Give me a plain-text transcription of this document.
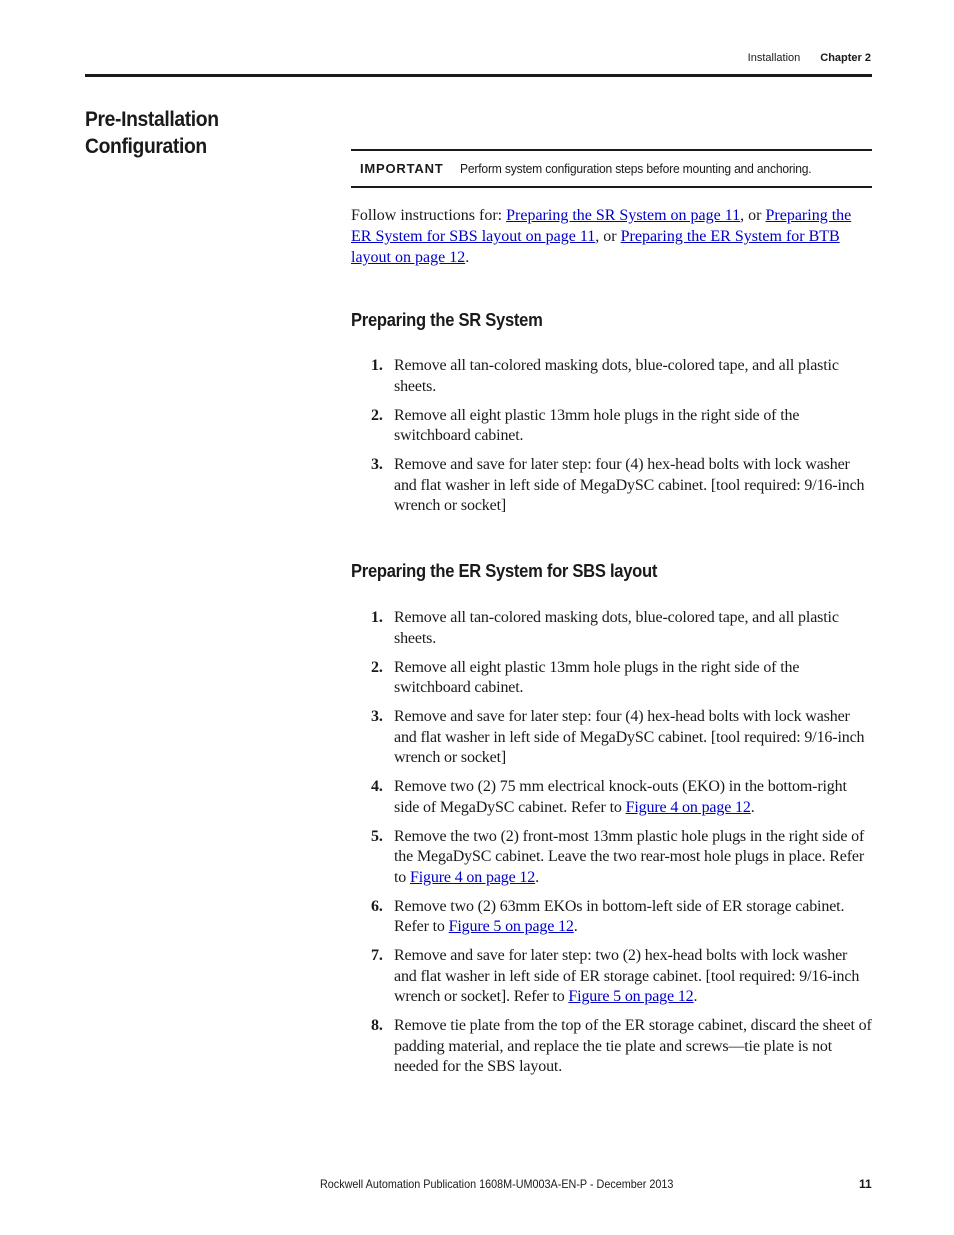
Installation Chapter 2
Pre-Installation Configuration
IMPORTANT	Perform system configuration steps before mounting and anchoring.
Follow instructions for: Preparing the SR System on page 11, or Preparing the ER System for SBS layout on page 11, or Preparing the ER System for BTB layout on page 12.
Preparing the SR System
1. Remove all tan-colored masking dots, blue-colored tape, and all plastic sheets.
2. Remove all eight plastic 13mm hole plugs in the right side of the switchboard cabinet.
3. Remove and save for later step: four (4) hex-head bolts with lock washer and flat washer in left side of MegaDySC cabinet. [tool required: 9/16-inch wrench or socket]
Preparing the ER System for SBS layout
1. Remove all tan-colored masking dots, blue-colored tape, and all plastic sheets.
2. Remove all eight plastic 13mm hole plugs in the right side of the switchboard cabinet.
3. Remove and save for later step: four (4) hex-head bolts with lock washer and flat washer in left side of MegaDySC cabinet. [tool required: 9/16-inch wrench or socket]
4. Remove two (2) 75 mm electrical knock-outs (EKO) in the bottom-right side of MegaDySC cabinet. Refer to Figure 4 on page 12.
5. Remove the two (2) front-most 13mm plastic hole plugs in the right side of the MegaDySC cabinet. Leave the two rear-most hole plugs in place. Refer to Figure 4 on page 12.
6. Remove two (2) 63mm EKOs in bottom-left side of ER storage cabinet. Refer to Figure 5 on page 12.
7. Remove and save for later step: two (2) hex-head bolts with lock washer and flat washer in left side of ER storage cabinet. [tool required: 9/16-inch wrench or socket]. Refer to Figure 5 on page 12.
8. Remove tie plate from the top of the ER storage cabinet, discard the sheet of padding material, and replace the tie plate and screws—tie plate is not needed for the SBS layout.
Rockwell Automation Publication 1608M-UM003A-EN-P - December 2013	11
